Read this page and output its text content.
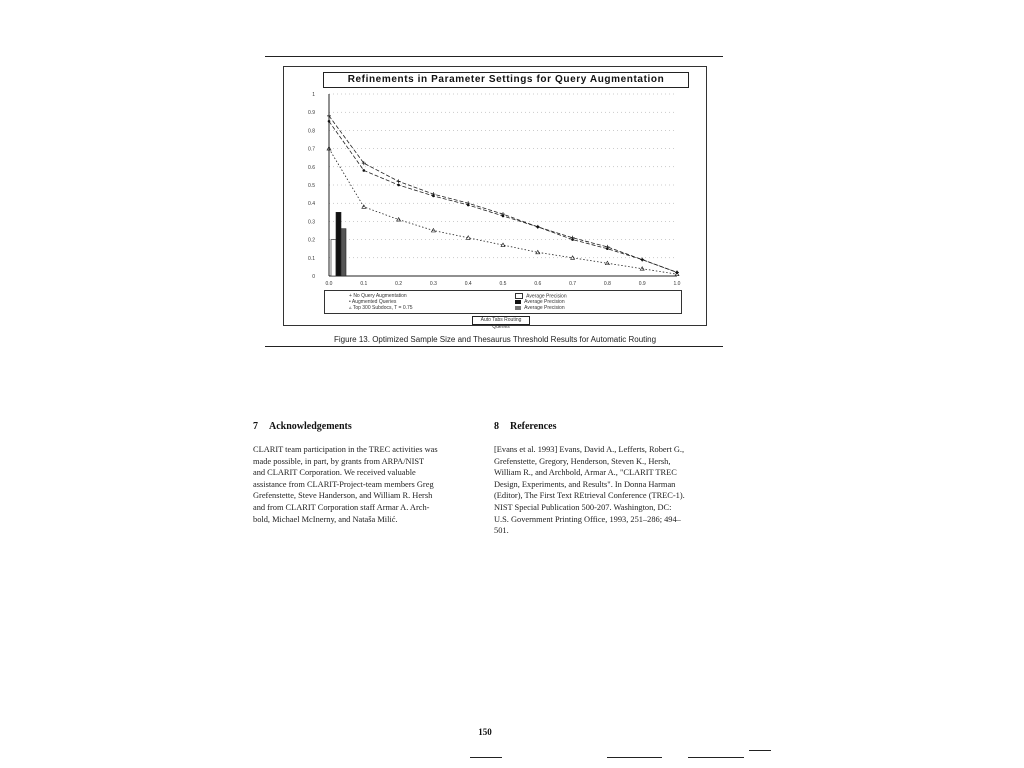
Refinements in Parameter Settings for Query Augmentation
0
0.1
0.2
0.3
0.4
0.5
0.6
0.7
0.8
0.9
1
0.0	0.1	0.2	0.3	0.4	0.5	0.6	0.7	0.8	0.9	1.0
+ No Query Augmentation
• Augmented Queries
▵ Top 300 Subdocs, T = 0.75
Average Precision
Average Precision
Average Precision
Auto Tabs Routing Queries
Figure 13. Optimized Sample Size and Thesaurus Threshold Results for Automatic Routing
7 Acknowledgements
CLARIT team participation in the TREC activities was
made possible, in part, by grants from ARPA/NIST
and CLARIT Corporation. We received valuable
assistance from CLARIT-Project-team members Greg
Grefenstette, Steve Handerson, and William R. Hersh
and from CLARIT Corporation staff Armar A. Arch-
bold, Michael McInerny, and Nataša Milić.
8 References
[Evans et al. 1993] Evans, David A., Lefferts, Robert G.,
Grefenstette, Gregory, Henderson, Steven K., Hersh,
William R., and Archbold, Armar A., "CLARIT TREC
Design, Experiments, and Results". In Donna Harman
(Editor), The First Text REtrieval Conference (TREC-1).
NIST Special Publication 500-207. Washington, DC:
U.S. Government Printing Office, 1993, 251–286; 494–
501.
150
